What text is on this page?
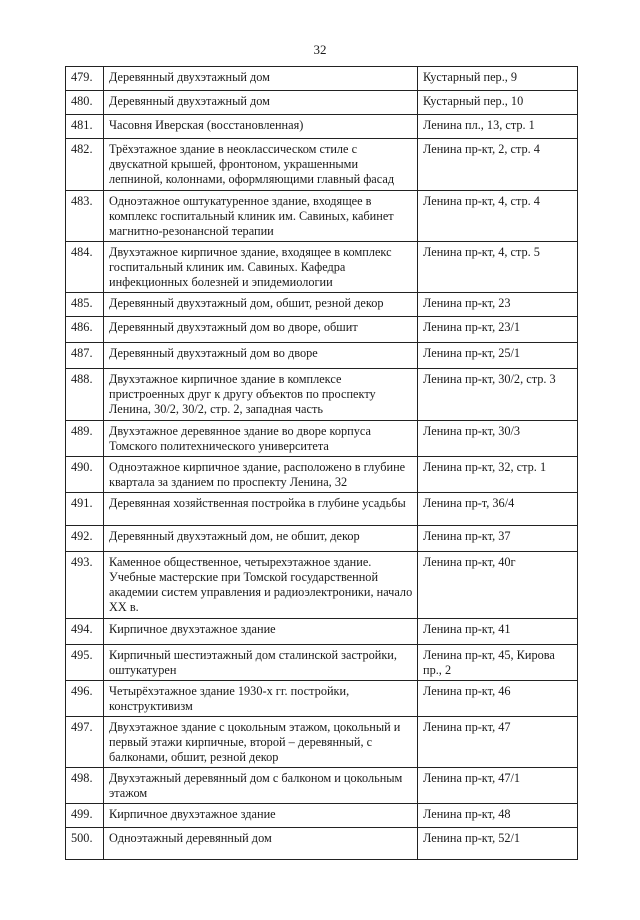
32
479.	Деревянный двухэтажный дом	Кустарный пер., 9
480.	Деревянный двухэтажный дом	Кустарный пер., 10
481.	Часовня Иверская (восстановленная)	Ленина пл., 13, стр. 1
482.	Трёхэтажное здание в неоклассическом стиле с двускатной крышей, фронтоном, украшенными лепниной, колоннами, оформляющими главный фасад	Ленина пр-кт, 2, стр. 4
483.	Одноэтажное оштукатуренное здание, входящее в комплекс госпитальный клиник им. Савиных, кабинет магнитно-резонансной терапии	Ленина пр-кт, 4, стр. 4
484.	Двухэтажное кирпичное здание, входящее в комплекс госпитальный клиник им. Савиных. Кафедра инфекционных болезней и эпидемиологии	Ленина пр-кт, 4, стр. 5
485.	Деревянный двухэтажный дом, обшит, резной декор	Ленина пр-кт, 23
486.	Деревянный двухэтажный дом во дворе, обшит	Ленина пр-кт, 23/1
487.	Деревянный двухэтажный дом во дворе	Ленина пр-кт, 25/1
488.	Двухэтажное кирпичное здание в комплексе пристроенных друг к другу объектов по проспекту Ленина, 30/2, 30/2, стр. 2, западная часть	Ленина пр-кт, 30/2, стр. 3
489.	Двухэтажное деревянное здание во дворе корпуса Томского политехнического университета	Ленина пр-кт, 30/3
490.	Одноэтажное кирпичное здание, расположено в глубине квартала за зданием по проспекту Ленина, 32	Ленина пр-кт, 32, стр. 1
491.	Деревянная хозяйственная постройка в глубине усадьбы	Ленина пр-т, 36/4
492.	Деревянный двухэтажный дом, не обшит, декор	Ленина пр-кт, 37
493.	Каменное общественное, четырехэтажное здание. Учебные мастерские при Томской государственной академии систем управления и радиоэлектроники, начало XX в.	Ленина пр-кт, 40г
494.	Кирпичное двухэтажное здание	Ленина пр-кт, 41
495.	Кирпичный шестиэтажный дом сталинской застройки, оштукатурен	Ленина пр-кт, 45, Кирова пр., 2
496.	Четырёхэтажное здание 1930-х гг. постройки, конструктивизм	Ленина пр-кт, 46
497.	Двухэтажное здание с цокольным этажом, цокольный и первый этажи кирпичные, второй – деревянный, с балконами, обшит, резной декор	Ленина пр-кт, 47
498.	Двухэтажный деревянный дом с балконом и цокольным этажом	Ленина пр-кт, 47/1
499.	Кирпичное двухэтажное здание	Ленина пр-кт, 48
500.	Одноэтажный деревянный дом	Ленина пр-кт, 52/1
